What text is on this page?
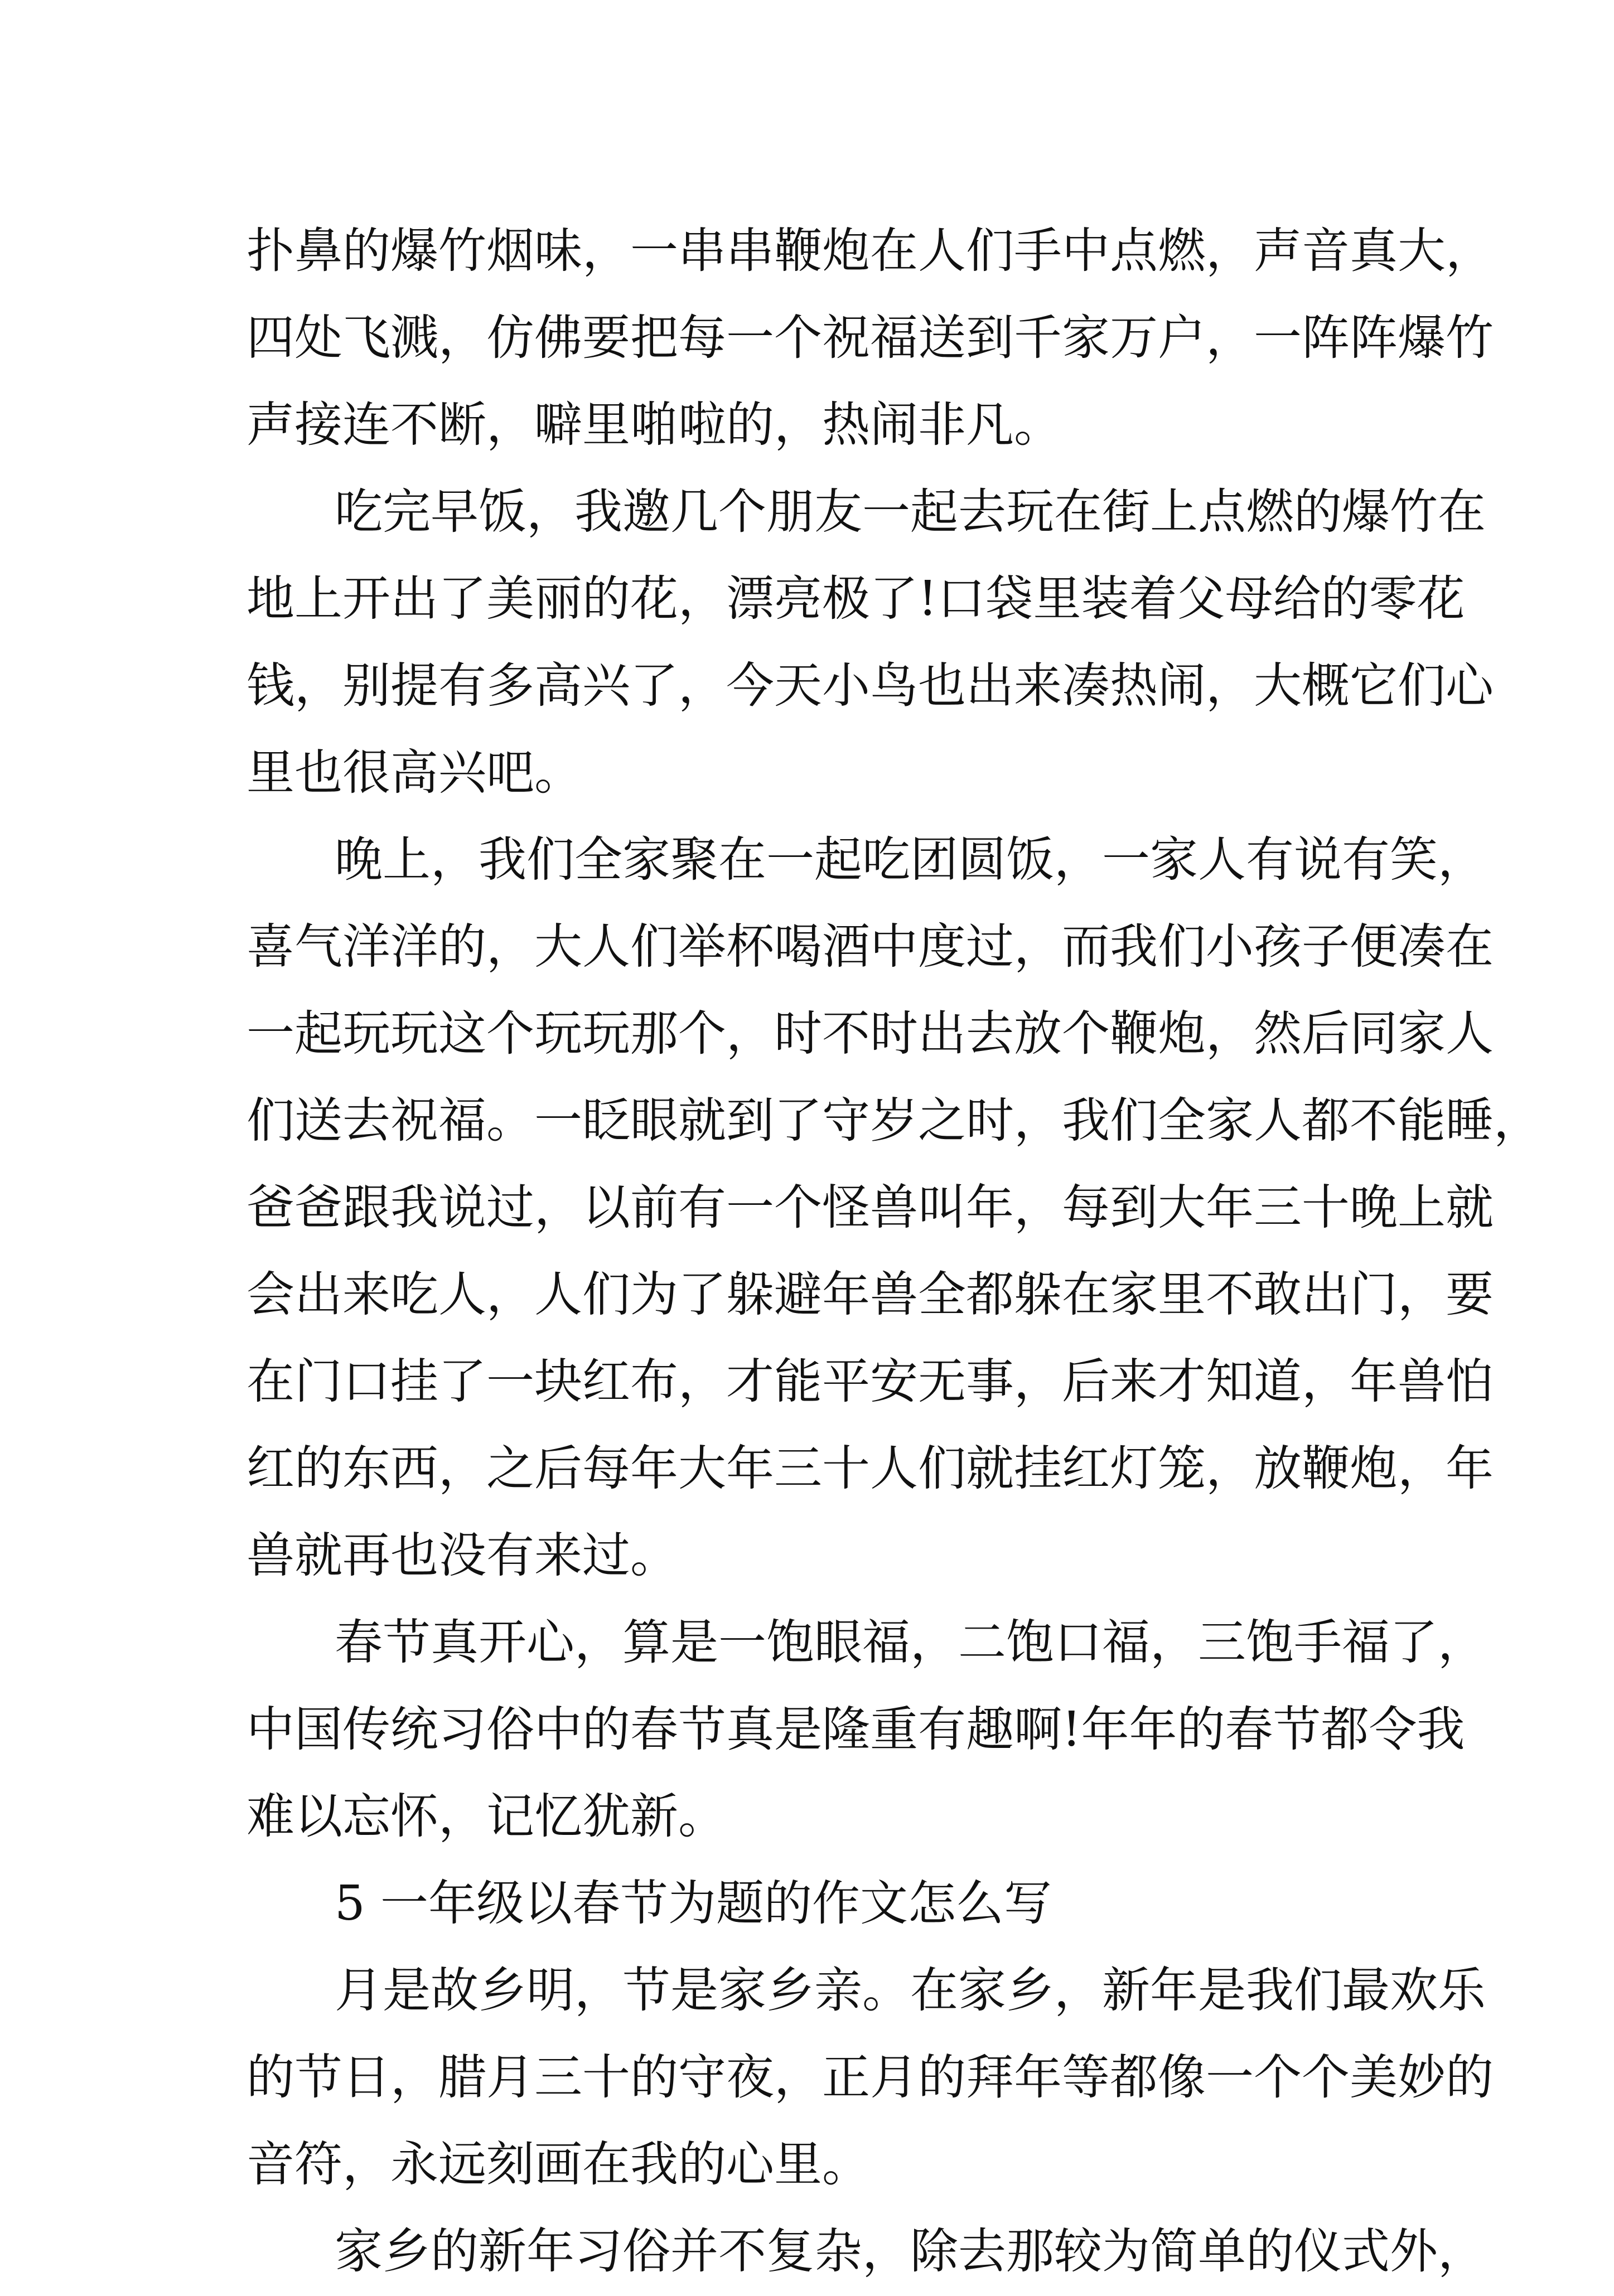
扑鼻的爆竹烟味，一串串鞭炮在人们手中点燃，声音真大，
四处飞溅，仿佛要把每一个祝福送到千家万户，一阵阵爆竹
声接连不断，噼里啪啦的，热闹非凡。
吃完早饭，我邀几个朋友一起去玩在街上点燃的爆竹在
地上开出了美丽的花，漂亮极了!口袋里装着父母给的零花
钱，别提有多高兴了，今天小鸟也出来凑热闹，大概它们心
里也很高兴吧。
晚上，我们全家聚在一起吃团圆饭，一家人有说有笑，
喜气洋洋的，大人们举杯喝酒中度过，而我们小孩子便凑在
一起玩玩这个玩玩那个，时不时出去放个鞭炮，然后同家人
们送去祝福。一眨眼就到了守岁之时，我们全家人都不能睡，
爸爸跟我说过，以前有一个怪兽叫年，每到大年三十晚上就
会出来吃人，人们为了躲避年兽全都躲在家里不敢出门，要
在门口挂了一块红布，才能平安无事，后来才知道，年兽怕
红的东西，之后每年大年三十人们就挂红灯笼，放鞭炮，年
兽就再也没有来过。
春节真开心，算是一饱眼福，二饱口福，三饱手福了，
中国传统习俗中的春节真是隆重有趣啊!年年的春节都令我
难以忘怀，记忆犹新。
5 一年级以春节为题的作文怎么写
月是故乡明，节是家乡亲。在家乡，新年是我们最欢乐
的节日，腊月三十的守夜，正月的拜年等都像一个个美妙的
音符，永远刻画在我的心里。
家乡的新年习俗并不复杂，除去那较为简单的仪式外，
